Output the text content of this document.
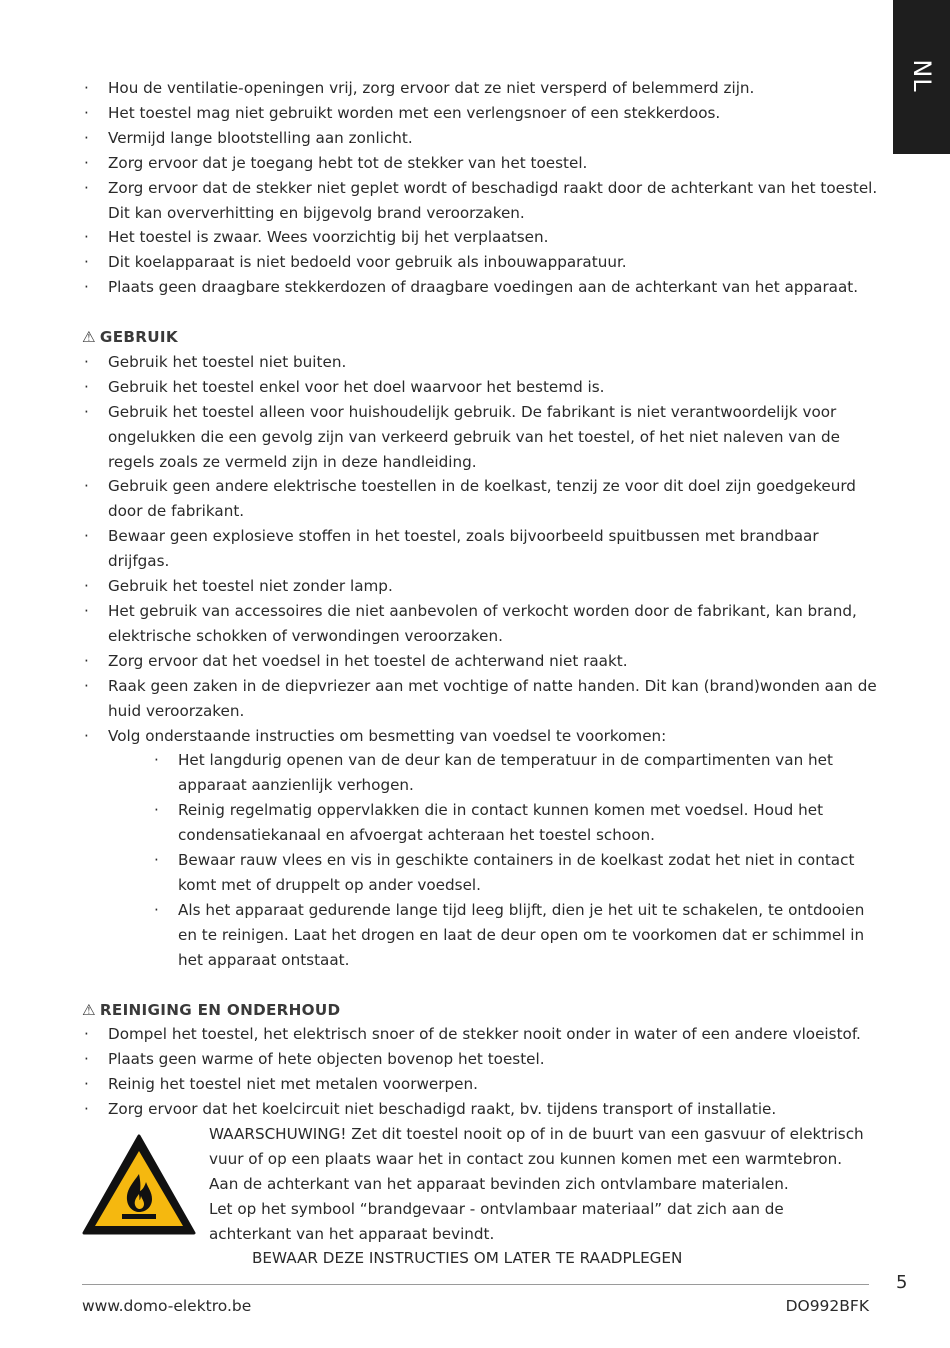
NL
· Hou de ventilatie-openingen vrij, zorg ervoor dat ze niet versperd of belemmerd zijn.
· Het toestel mag niet gebruikt worden met een verlengsnoer of een stekkerdoos.
· Vermijd lange blootstelling aan zonlicht.
· Zorg ervoor dat je toegang hebt tot de stekker van het toestel.
· Zorg ervoor dat de stekker niet geplet wordt of beschadigd raakt door de achterkant van het toestel. Dit kan oververhitting en bijgevolg brand veroorzaken.
· Het toestel is zwaar. Wees voorzichtig bij het verplaatsen.
· Dit koelapparaat is niet bedoeld voor gebruik als inbouwapparatuur.
· Plaats geen draagbare stekkerdozen of draagbare voedingen aan de achterkant van het apparaat.
⚠ GEBRUIK
· Gebruik het toestel niet buiten.
· Gebruik het toestel enkel voor het doel waarvoor het bestemd is.
· Gebruik het toestel alleen voor huishoudelijk gebruik. De fabrikant is niet verantwoordelijk voor ongelukken die een gevolg zijn van verkeerd gebruik van het toestel, of het niet naleven van de regels zoals ze vermeld zijn in deze handleiding.
· Gebruik geen andere elektrische toestellen in de koelkast, tenzij ze voor dit doel zijn goedgekeurd door de fabrikant.
· Bewaar geen explosieve stoffen in het toestel, zoals bijvoorbeeld spuitbussen met brandbaar drijfgas.
· Gebruik het toestel niet zonder lamp.
· Het gebruik van accessoires die niet aanbevolen of verkocht worden door de fabrikant, kan brand, elektrische schokken of verwondingen veroorzaken.
· Zorg ervoor dat het voedsel in het toestel de achterwand niet raakt.
· Raak geen zaken in de diepvriezer aan met vochtige of natte handen. Dit kan (brand)wonden aan de huid veroorzaken.
· Volg onderstaande instructies om besmetting van voedsel te voorkomen:
· Het langdurig openen van de deur kan de temperatuur in de compartimenten van het apparaat aanzienlijk verhogen.
· Reinig regelmatig oppervlakken die in contact kunnen komen met voedsel. Houd het condensatiekanaal en afvoergat achteraan het toestel schoon.
· Bewaar rauw vlees en vis in geschikte containers in de koelkast zodat het niet in contact komt met of druppelt op ander voedsel.
· Als het apparaat gedurende lange tijd leeg blijft, dien je het uit te schakelen, te ontdooien en te reinigen. Laat het drogen en laat de deur open om te voorkomen dat er schimmel in het apparaat ontstaat.
⚠ REINIGING EN ONDERHOUD
· Dompel het toestel, het elektrisch snoer of de stekker nooit onder in water of een andere vloeistof.
· Plaats geen warme of hete objecten bovenop het toestel.
· Reinig het toestel niet met metalen voorwerpen.
· Zorg ervoor dat het koelcircuit niet beschadigd raakt, bv. tijdens transport of installatie.
WAARSCHUWING! Zet dit toestel nooit op of in de buurt van een gasvuur of elektrisch vuur of op een plaats waar het in contact zou kunnen komen met een warmtebron. Aan de achterkant van het apparaat bevinden zich ontvlambare materialen.
Let op het symbool “brandgevaar - ontvlambaar materiaal” dat zich aan de achterkant van het apparaat bevindt.
BEWAAR DEZE INSTRUCTIES OM LATER TE RAADPLEGEN
5
www.domo-elektro.be	DO992BFK
